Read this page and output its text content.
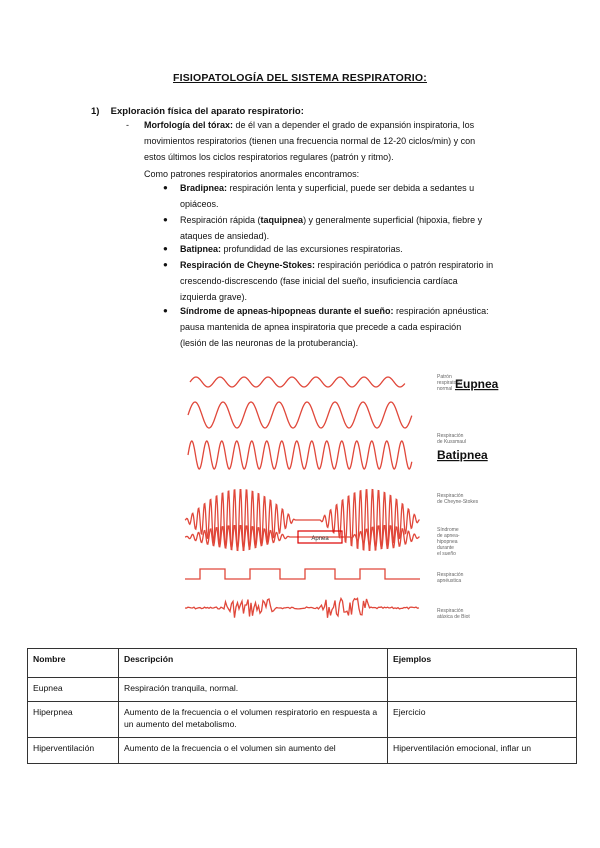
FISIOPATOLOGÍA DEL SISTEMA RESPIRATORIO:
1) Exploración física del aparato respiratorio:
- Morfología del tórax: de él van a depender el grado de expansión inspiratoria, los
movimientos respiratorios (tienen una frecuencia normal de 12-20 ciclos/min) y con
estos últimos los ciclos respiratorios regulares (patrón y ritmo).
Como patrones respiratorios anormales encontramos:
● Bradipnea: respiración lenta y superficial, puede ser debida a sedantes u
opiáceos.
● Respiración rápida (taquipnea) y generalmente superficial (hipoxia, fiebre y
ataques de ansiedad).
● Batipnea: profundidad de las excursiones respiratorias.
● Respiración de Cheyne-Stokes: respiración periódica o patrón respiratorio in
crescendo-discrescendo (fase inicial del sueño, insuficiencia cardíaca
izquierda grave).
● Síndrome de apneas-hipopneas durante el sueño: respiración apnéustica:
pausa mantenida de apnea inspiratoria que precede a cada espiración
(lesión de las neuronas de la protuberancia).
Apnea
Patrón respiratorio normal Eupnea
Respiración de Kussmaul
Batipnea
Respiración de Cheyne-Stokes
Síndrome de apnea-hipopnea durante el sueño
Respiración apnéustica
Respiración atáxica de Biot
Nombre	Descripción	Ejemplos
Eupnea	Respiración tranquila, normal.	
Hiperpnea	Aumento de la frecuencia o el volumen respiratorio en respuesta a un aumento del metabolismo.	Ejercicio
Hiperventilación	Aumento de la frecuencia o el volumen sin aumento del	Hiperventilación emocional, inflar un
